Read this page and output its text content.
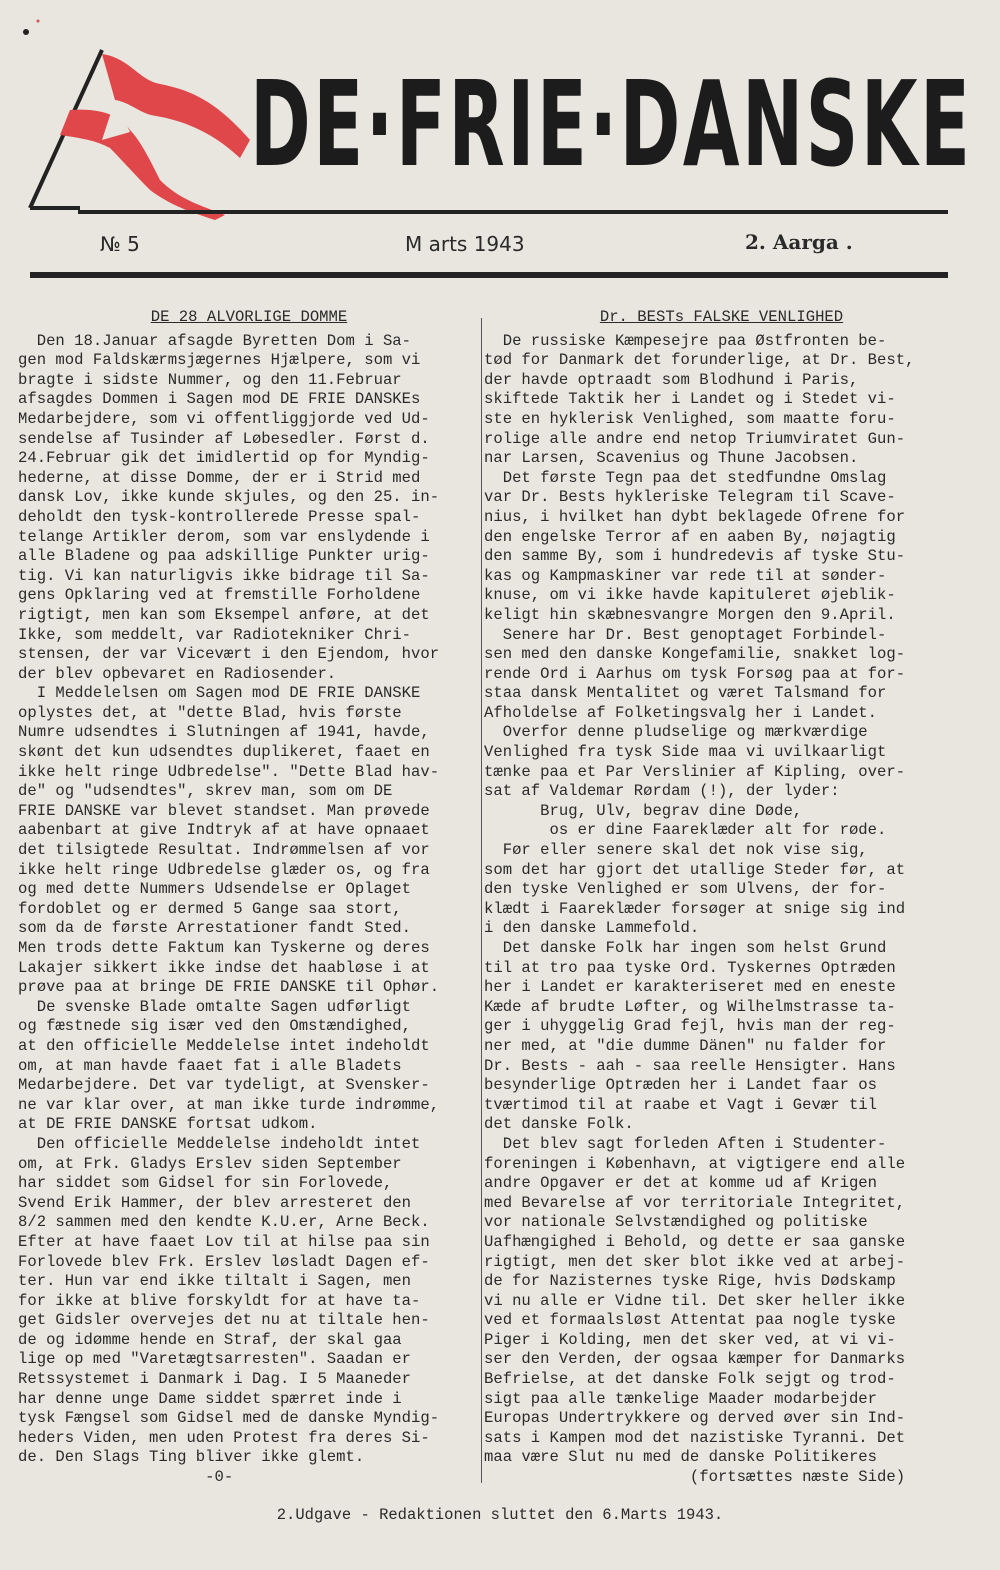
DE·FRIE·DANSKE
№ 5	M arts 1943	2. Aarga .
DE 28 ALVORLIGE DOMME

Den 18.Januar afsagde Byretten Dom i Sa-

gen mod Faldskærmsjægernes Hjælpere, som vi

bragte i sidste Nummer, og den 11.Februar

afsagdes Dommen i Sagen mod DE FRIE DANSKEs

Medarbejdere, som vi offentliggjorde ved Ud-

sendelse af Tusinder af Løbesedler. Først d.

24.Februar gik det imidlertid op for Myndig-

hederne, at disse Domme, der er i Strid med

dansk Lov, ikke kunde skjules, og den 25. in-

deholdt den tysk-kontrollerede Presse spal-

telange Artikler derom, som var enslydende i

alle Bladene og paa adskillige Punkter urig-

tig. Vi kan naturligvis ikke bidrage til Sa-

gens Opklaring ved at fremstille Forholdene

rigtigt, men kan som Eksempel anføre, at det

Ikke, som meddelt, var Radiotekniker Chri-

stensen, der var Vicevært i den Ejendom, hvor

der blev opbevaret en Radiosender.

I Meddelelsen om Sagen mod DE FRIE DANSKE

oplystes det, at "dette Blad, hvis første

Numre udsendtes i Slutningen af 1941, havde,

skønt det kun udsendtes duplikeret, faaet en

ikke helt ringe Udbredelse". "Dette Blad hav-

de" og "udsendtes", skrev man, som om DE

FRIE DANSKE var blevet standset. Man prøvede

aabenbart at give Indtryk af at have opnaaet

det tilsigtede Resultat. Indrømmelsen af vor

ikke helt ringe Udbredelse glæder os, og fra

og med dette Nummers Udsendelse er Oplaget

fordoblet og er dermed 5 Gange saa stort,

som da de første Arrestationer fandt Sted.

Men trods dette Faktum kan Tyskerne og deres

Lakajer sikkert ikke indse det haabløse i at

prøve paa at bringe DE FRIE DANSKE til Ophør.

De svenske Blade omtalte Sagen udførligt

og fæstnede sig især ved den Omstændighed,

at den officielle Meddelelse intet indeholdt

om, at man havde faaet fat i alle Bladets

Medarbejdere. Det var tydeligt, at Svensker-

ne var klar over, at man ikke turde indrømme,

at DE FRIE DANSKE fortsat udkom.

Den officielle Meddelelse indeholdt intet

om, at Frk. Gladys Erslev siden September

har siddet som Gidsel for sin Forlovede,

Svend Erik Hammer, der blev arresteret den

8/2 sammen med den kendte K.U.er, Arne Beck.

Efter at have faaet Lov til at hilse paa sin

Forlovede blev Frk. Erslev løsladt Dagen ef-

ter. Hun var end ikke tiltalt i Sagen, men

for ikke at blive forskyldt for at have ta-

get Gidsler overvejes det nu at tiltale hen-

de og idømme hende en Straf, der skal gaa

lige op med "Varetægtsarresten". Saadan er

Retssystemet i Danmark i Dag. I 5 Maaneder

har denne unge Dame siddet spærret inde i

tysk Fængsel som Gidsel med de danske Myndig-

heders Viden, men uden Protest fra deres Si-

de. Den Slags Ting bliver ikke glemt.

-0-

Dr. BESTs FALSKE VENLIGHED

De russiske Kæmpesejre paa Østfronten be-

tød for Danmark det forunderlige, at Dr. Best,

der havde optraadt som Blodhund i Paris,

skiftede Taktik her i Landet og i Stedet vi-

ste en hyklerisk Venlighed, som maatte foru-

rolige alle andre end netop Triumviratet Gun-

nar Larsen, Scavenius og Thune Jacobsen.

Det første Tegn paa det stedfundne Omslag

var Dr. Bests hykleriske Telegram til Scave-

nius, i hvilket han dybt beklagede Ofrene for

den engelske Terror af en aaben By, nøjagtig

den samme By, som i hundredevis af tyske Stu-

kas og Kampmaskiner var rede til at sønder-

knuse, om vi ikke havde kapituleret øjeblik-

keligt hin skæbnesvangre Morgen den 9.April.

Senere har Dr. Best genoptaget Forbindel-

sen med den danske Kongefamilie, snakket log-

rende Ord i Aarhus om tysk Forsøg paa at for-

staa dansk Mentalitet og været Talsmand for

Afholdelse af Folketingsvalg her i Landet.

Overfor denne pludselige og mærkværdige

Venlighed fra tysk Side maa vi uvilkaarligt

tænke paa et Par Verslinier af Kipling, over-

sat af Valdemar Rørdam (!), der lyder:

Brug, Ulv, begrav dine Døde,

os er dine Faareklæder alt for røde.

Før eller senere skal det nok vise sig,

som det har gjort det utallige Steder før, at

den tyske Venlighed er som Ulvens, der for-

klædt i Faareklæder forsøger at snige sig ind

i den danske Lammefold.

Det danske Folk har ingen som helst Grund

til at tro paa tyske Ord. Tyskernes Optræden

her i Landet er karakteriseret med en eneste

Kæde af brudte Løfter, og Wilhelmstrasse ta-

ger i uhyggelig Grad fejl, hvis man der reg-

ner med, at "die dumme Dänen" nu falder for

Dr. Bests - aah - saa reelle Hensigter. Hans

besynderlige Optræden her i Landet faar os

tværtimod til at raabe et Vagt i Gevær til

det danske Folk.

Det blev sagt forleden Aften i Studenter-

foreningen i København, at vigtigere end alle

andre Opgaver er det at komme ud af Krigen

med Bevarelse af vor territoriale Integritet,

vor nationale Selvstændighed og politiske

Uafhængighed i Behold, og dette er saa ganske

rigtigt, men det sker blot ikke ved at arbej-

de for Nazisternes tyske Rige, hvis Dødskamp

vi nu alle er Vidne til. Det sker heller ikke

ved et formaalsløst Attentat paa nogle tyske

Piger i Kolding, men det sker ved, at vi vi-

ser den Verden, der ogsaa kæmper for Danmarks

Befrielse, at det danske Folk sejgt og trod-

sigt paa alle tænkelige Maader modarbejder

Europas Undertrykkere og derved øver sin Ind-

sats i Kampen mod det nazistiske Tyranni. Det

maa være Slut nu med de danske Politikeres

(fortsættes næste Side)

2.Udgave - Redaktionen sluttet den 6.Marts 1943.
